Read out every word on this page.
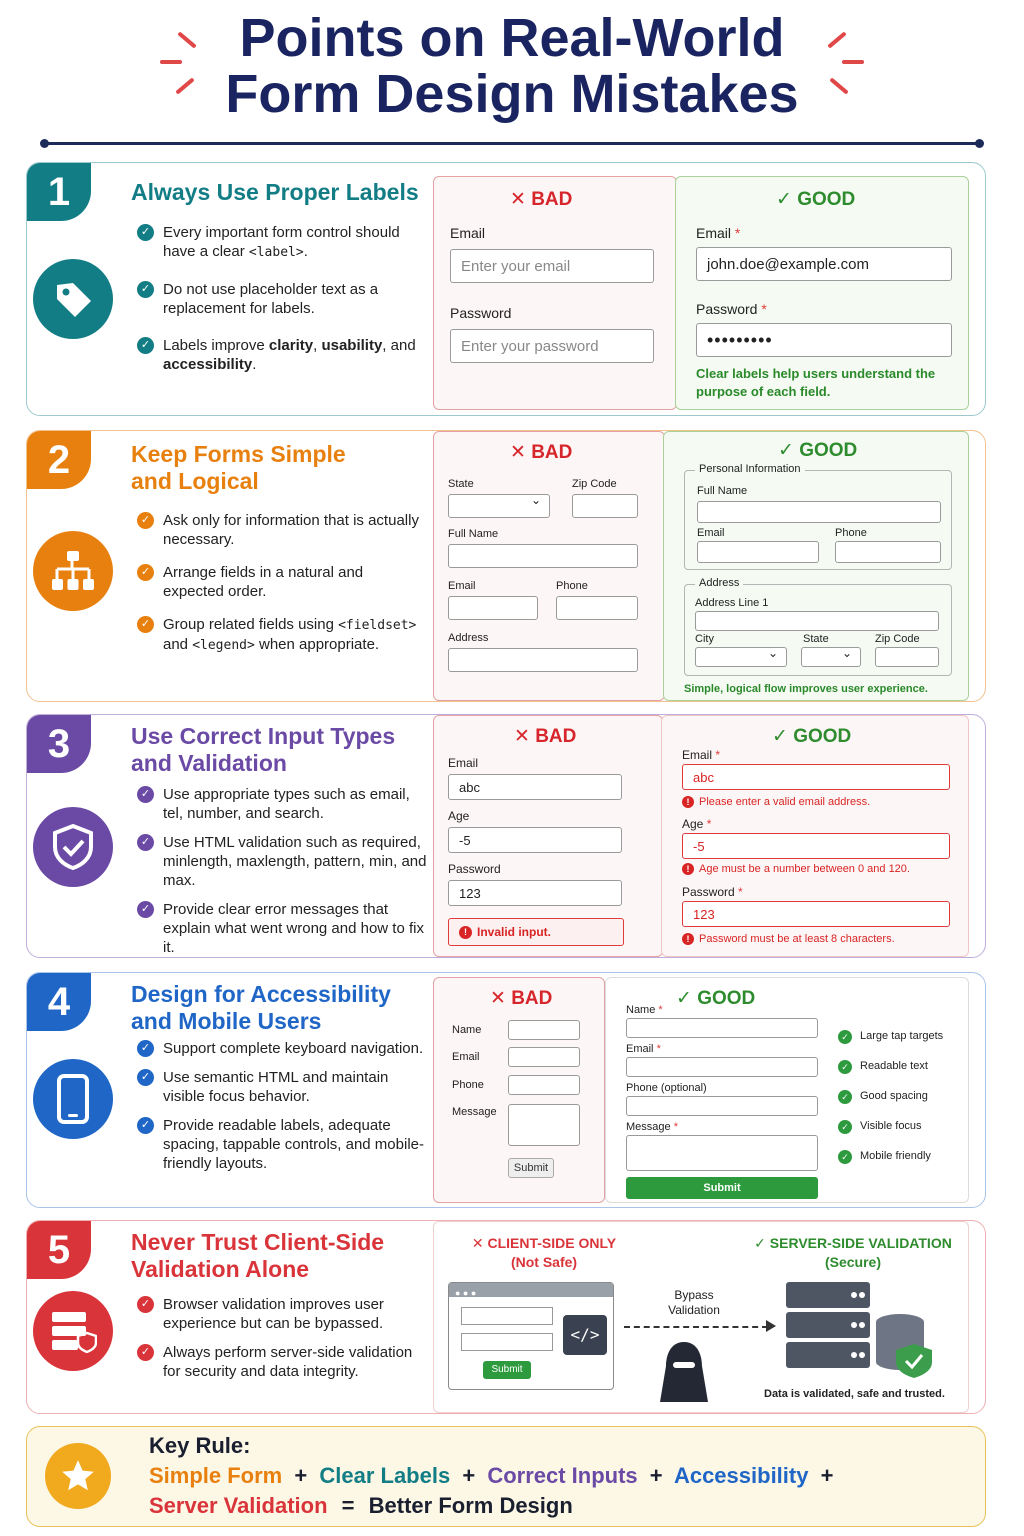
Points on Real-World
Form Design Mistakes
1	Always Use Proper Labels
✓ Every important form control should have a clear <label>.
✓ Do not use placeholder text as a replacement for labels.
✓ Labels improve clarity, usability, and accessibility.
✕ BAD
Email
Enter your email
Password
Enter your password
✓ GOOD
Email *
john.doe@example.com
Password *
•••••••••
Clear labels help users understand the purpose of each field.
2	Keep Forms Simple and Logical
✓ Ask only for information that is actually necessary.
✓ Arrange fields in a natural and expected order.
✓ Group related fields using <fieldset> and <legend> when appropriate.
✕ BAD
State	Zip Code
⌄
Full Name
Email	Phone
Address
✓ GOOD
Personal Information
Full Name
Email	Phone
Address
Address Line 1
City	State	Zip Code
⌄
⌄
Simple, logical flow improves user experience.
3	Use Correct Input Types and Validation
✓ Use appropriate types such as email, tel, number, and search.
✓ Use HTML validation such as required, minlength, maxlength, pattern, min, and max.
✓ Provide clear error messages that explain what went wrong and how to fix it.
✕ BAD
Email
abc
Age
-5
Password
123
! Invalid input.
✓ GOOD
Email *
abc
! Please enter a valid email address.
Age *
-5
! Age must be a number between 0 and 120.
Password *
123
! Password must be at least 8 characters.
4	Design for Accessibility and Mobile Users
✓ Support complete keyboard navigation.
✓ Use semantic HTML and maintain visible focus behavior.
✓ Provide readable labels, adequate spacing, tappable controls, and mobile-friendly layouts.
✕ BAD
Name
Email
Phone
Message
Submit
✓ GOOD
Name *
Email *
Phone (optional)
Message *
Submit
✓ Large tap targets
✓ Readable text
✓ Good spacing
✓ Visible focus
✓ Mobile friendly
5	Never Trust Client-Side Validation Alone
✓ Browser validation improves user experience but can be bypassed.
✓ Always perform server-side validation for security and data integrity.
✕ CLIENT-SIDE ONLY
(Not Safe)
● ● ●
Submit
</>
Bypass Validation
✓ SERVER-SIDE VALIDATION
(Secure)
Data is validated, safe and trusted.
Key Rule:
Simple Form + Clear Labels + Correct Inputs + Accessibility +
Server Validation = Better Form Design
